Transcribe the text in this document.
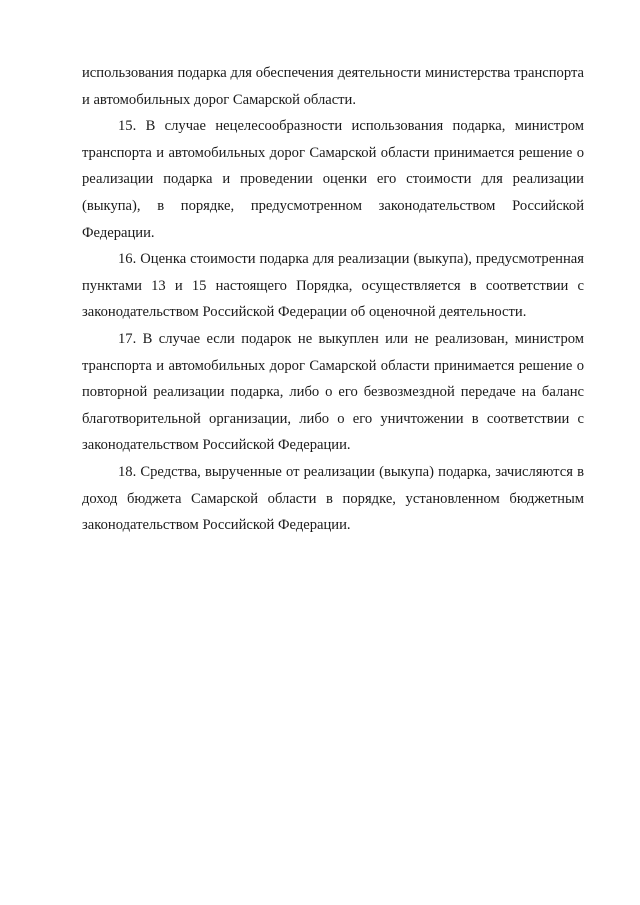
использования подарка для обеспечения деятельности министерства транспорта и автомобильных дорог Самарской области.

15. В случае нецелесообразности использования подарка, министром транспорта и автомобильных дорог Самарской области принимается решение о реализации подарка и проведении оценки его стоимости для реализации (выкупа), в порядке, предусмотренном законодательством Российской Федерации.

16. Оценка стоимости подарка для реализации (выкупа), предусмотренная пунктами 13 и 15 настоящего Порядка, осуществляется в соответствии с законодательством Российской Федерации об оценочной деятельности.

17. В случае если подарок не выкуплен или не реализован, министром транспорта и автомобильных дорог Самарской области принимается решение о повторной реализации подарка, либо о его безвозмездной передаче на баланс благотворительной организации, либо о его уничтожении в соответствии с законодательством Российской Федерации.

18. Средства, вырученные от реализации (выкупа) подарка, зачисляются в доход бюджета Самарской области в порядке, установленном бюджетным законодательством Российской Федерации.
